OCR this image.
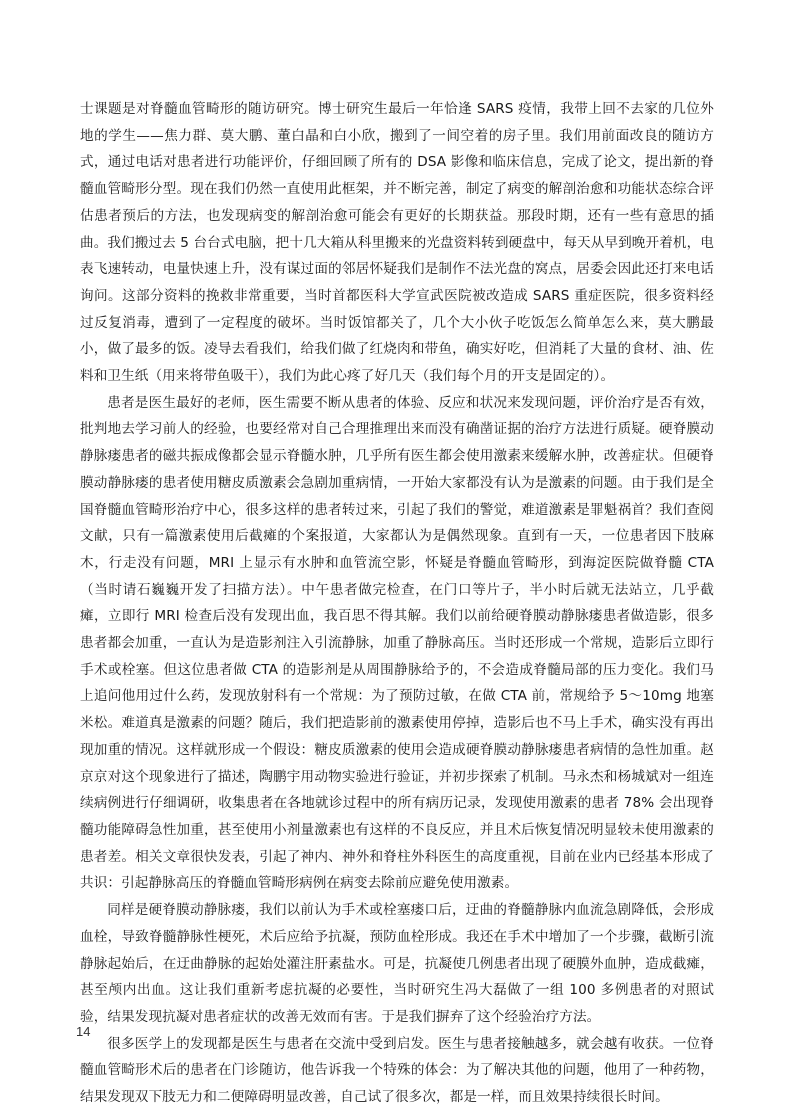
士课题是对脊髓血管畸形的随访研究。博士研究生最后一年恰逢 SARS 疫情，我带上回不去家的几位外地的学生——焦力群、莫大鹏、董白晶和白小欣，搬到了一间空着的房子里。我们用前面改良的随访方式，通过电话对患者进行功能评价，仔细回顾了所有的 DSA 影像和临床信息，完成了论文，提出新的脊髓血管畸形分型。现在我们仍然一直使用此框架，并不断完善，制定了病变的解剖治愈和功能状态综合评估患者预后的方法，也发现病变的解剖治愈可能会有更好的长期获益。那段时期，还有一些有意思的插曲。我们搬过去 5 台台式电脑，把十几大箱从科里搬来的光盘资料转到硬盘中，每天从早到晚开着机，电表飞速转动，电量快速上升，没有谋过面的邻居怀疑我们是制作不法光盘的窝点，居委会因此还打来电话询问。这部分资料的挽救非常重要，当时首都医科大学宣武医院被改造成 SARS 重症医院，很多资料经过反复消毒，遭到了一定程度的破坏。当时饭馆都关了，几个大小伙子吃饭怎么简单怎么来，莫大鹏最小，做了最多的饭。凌导去看我们，给我们做了红烧肉和带鱼，确实好吃，但消耗了大量的食材、油、佐料和卫生纸（用来将带鱼吸干），我们为此心疼了好几天（我们每个月的开支是固定的）。

患者是医生最好的老师，医生需要不断从患者的体验、反应和状况来发现问题，评价治疗是否有效，批判地去学习前人的经验，也要经常对自己合理推理出来而没有确凿证据的治疗方法进行质疑。硬脊膜动静脉瘘患者的磁共振成像都会显示脊髓水肿，几乎所有医生都会使用激素来缓解水肿，改善症状。但硬脊膜动静脉瘘的患者使用糖皮质激素会急剧加重病情，一开始大家都没有认为是激素的问题。由于我们是全国脊髓血管畸形治疗中心，很多这样的患者转过来，引起了我们的警觉，难道激素是罪魁祸首？我们查阅文献，只有一篇激素使用后截瘫的个案报道，大家都认为是偶然现象。直到有一天，一位患者因下肢麻木，行走没有问题，MRI 上显示有水肿和血管流空影，怀疑是脊髓血管畸形，到海淀医院做脊髓 CTA（当时请石巍巍开发了扫描方法）。中午患者做完检查，在门口等片子，半小时后就无法站立，几乎截瘫，立即行 MRI 检查后没有发现出血，我百思不得其解。我们以前给硬脊膜动静脉瘘患者做造影，很多患者都会加重，一直认为是造影剂注入引流静脉，加重了静脉高压。当时还形成一个常规，造影后立即行手术或栓塞。但这位患者做 CTA 的造影剂是从周围静脉给予的，不会造成脊髓局部的压力变化。我们马上追问他用过什么药，发现放射科有一个常规：为了预防过敏，在做 CTA 前，常规给予 5～10mg 地塞米松。难道真是激素的问题？随后，我们把造影前的激素使用停掉，造影后也不马上手术，确实没有再出现加重的情况。这样就形成一个假设：糖皮质激素的使用会造成硬脊膜动静脉瘘患者病情的急性加重。赵京京对这个现象进行了描述，陶鹏宇用动物实验进行验证，并初步探索了机制。马永杰和杨城斌对一组连续病例进行仔细调研，收集患者在各地就诊过程中的所有病历记录，发现使用激素的患者 78% 会出现脊髓功能障碍急性加重，甚至使用小剂量激素也有这样的不良反应，并且术后恢复情况明显较未使用激素的患者差。相关文章很快发表，引起了神内、神外和脊柱外科医生的高度重视，目前在业内已经基本形成了共识：引起静脉高压的脊髓血管畸形病例在病变去除前应避免使用激素。

同样是硬脊膜动静脉瘘，我们以前认为手术或栓塞瘘口后，迂曲的脊髓静脉内血流急剧降低，会形成血栓，导致脊髓静脉性梗死，术后应给予抗凝，预防血栓形成。我还在手术中增加了一个步骤，截断引流静脉起始后，在迂曲静脉的起始处灌注肝素盐水。可是，抗凝使几例患者出现了硬膜外血肿，造成截瘫，甚至颅内出血。这让我们重新考虑抗凝的必要性，当时研究生冯大磊做了一组 100 多例患者的对照试验，结果发现抗凝对患者症状的改善无效而有害。于是我们摒弃了这个经验治疗方法。

很多医学上的发现都是医生与患者在交流中受到启发。医生与患者接触越多，就会越有收获。一位脊髓血管畸形术后的患者在门诊随访，他告诉我一个特殊的体会：为了解决其他的问题，他用了一种药物，结果发现双下肢无力和二便障碍明显改善，自己试了很多次，都是一样，而且效果持续很长时间。

14
